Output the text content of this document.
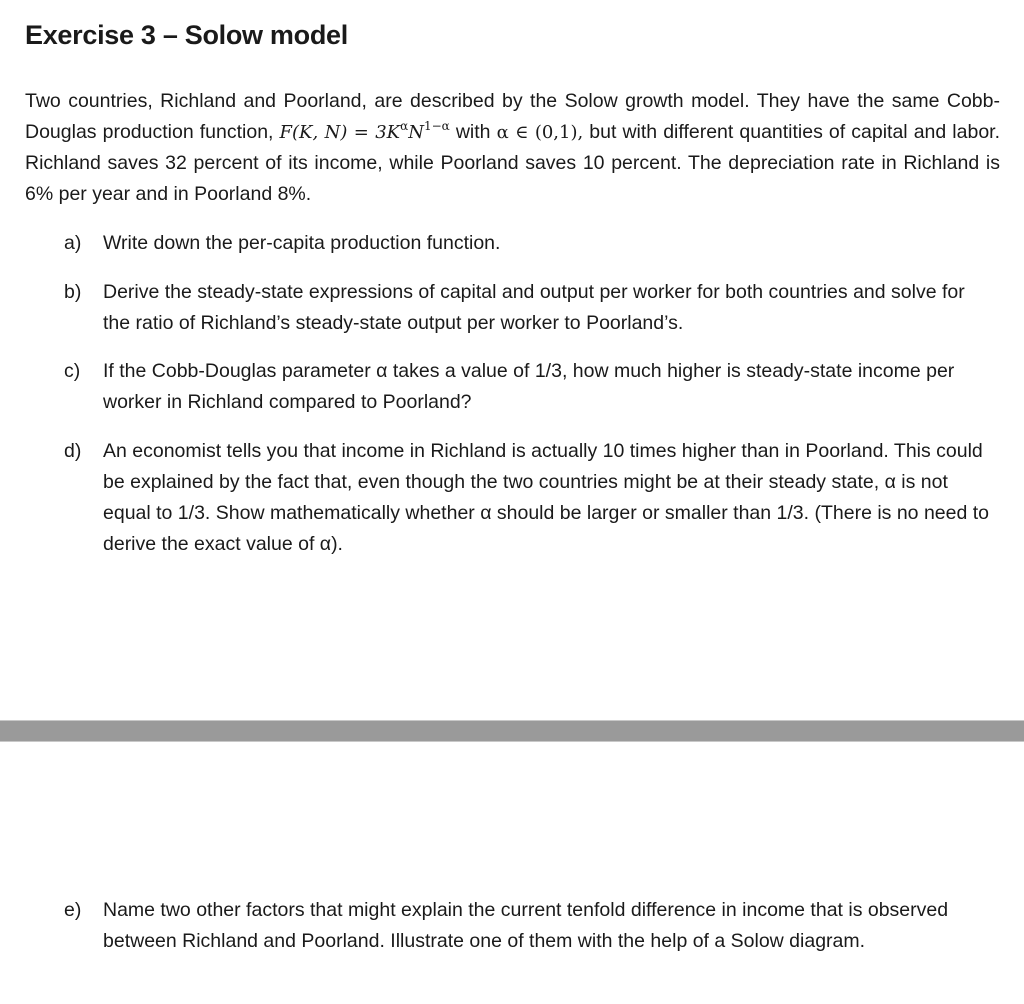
Exercise 3 – Solow model
Two countries, Richland and Poorland, are described by the Solow growth model. They have the same Cobb-Douglas production function, F(K, $N) = 3K^\alpha N^{1-\alpha}$ with α ∈ (0,1), but with different quantities of capital and labor. Richland saves 32 percent of its income, while Poorland saves 10 percent. The depreciation rate in Richland is 6% per year and in Poorland 8%.
a) Write down the per-capita production function.
b) Derive the steady-state expressions of capital and output per worker for both countries and solve for the ratio of Richland’s steady-state output per worker to Poorland’s.
c) If the Cobb-Douglas parameter α takes a value of 1/3, how much higher is steady-state income per worker in Richland compared to Poorland?
d) An economist tells you that income in Richland is actually 10 times higher than in Poorland. This could be explained by the fact that, even though the two countries might be at their steady state, α is not equal to 1/3. Show mathematically whether α should be larger or smaller than 1/3. (There is no need to derive the exact value of α).
e) Name two other factors that might explain the current tenfold difference in income that is observed between Richland and Poorland. Illustrate one of them with the help of a Solow diagram.
